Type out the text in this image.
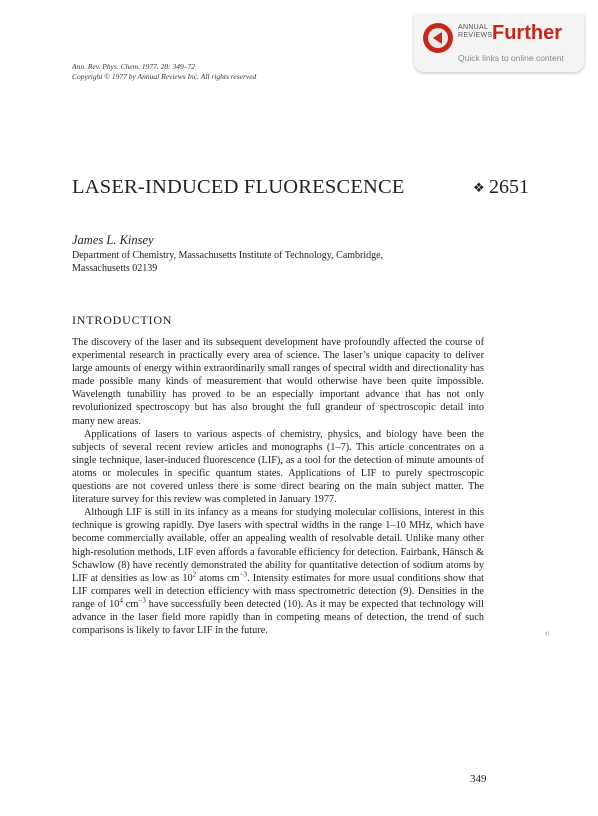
ANNUAL
REVIEWS Further
Quick links to online content
Ann. Rev. Phys. Chem. 1977. 28: 349–72
Copyright © 1977 by Annual Reviews Inc. All rights reserved
LASER-INDUCED FLUORESCENCE	❖ 2651
James L. Kinsey
Department of Chemistry, Massachusetts Institute of Technology, Cambridge,
Massachusetts 02139
INTRODUCTION

The discovery of the laser and its subsequent development have profoundly affected the course of experimental research in practically every area of science. The laser’s unique capacity to deliver large amounts of energy within extraordinarily small ranges of spectral width and directionality has made possible many kinds of measurement that would otherwise have been quite impossible. Wavelength tunability has proved to be an especially important advance that has not only revolutionized spectroscopy but has also brought the full grandeur of spectroscopic detail into many new areas.

Applications of lasers to various aspects of chemistry, physics, and biology have been the subjects of several recent review articles and monographs (1–7). This article concentrates on a single technique, laser-induced fluorescence (LIF), as a tool for the detection of minute amounts of atoms or molecules in specific quantum states. Applications of LIF to purely spectroscopic questions are not covered unless there is some direct bearing on the main subject matter. The literature survey for this review was completed in January 1977.

Although LIF is still in its infancy as a means for studying molecular collisions, interest in this technique is growing rapidly. Dye lasers with spectral widths in the range 1–10 MHz, which have become commercially available, offer an appealing wealth of resolvable detail. Unlike many other high-resolution methods, LIF even affords a favorable efficiency for detection. Fairbank, Hänsch & Schawlow (8) have recently demonstrated the ability for quantitative detection of sodium atoms by LIF at densities as low as $10^2$ atoms $cm^{-3}$. Intensity estimates for more usual conditions show that LIF compares well in detection efficiency with mass spectrometric detection (9). Densities in the range of $10^4$ $cm^{-3}$ have successfully been detected (10). As it may be expected that technology will advance in the laser field more rapidly than in competing means of detection, the trend of such comparisons is likely to favor LIF in the future.	41
349
